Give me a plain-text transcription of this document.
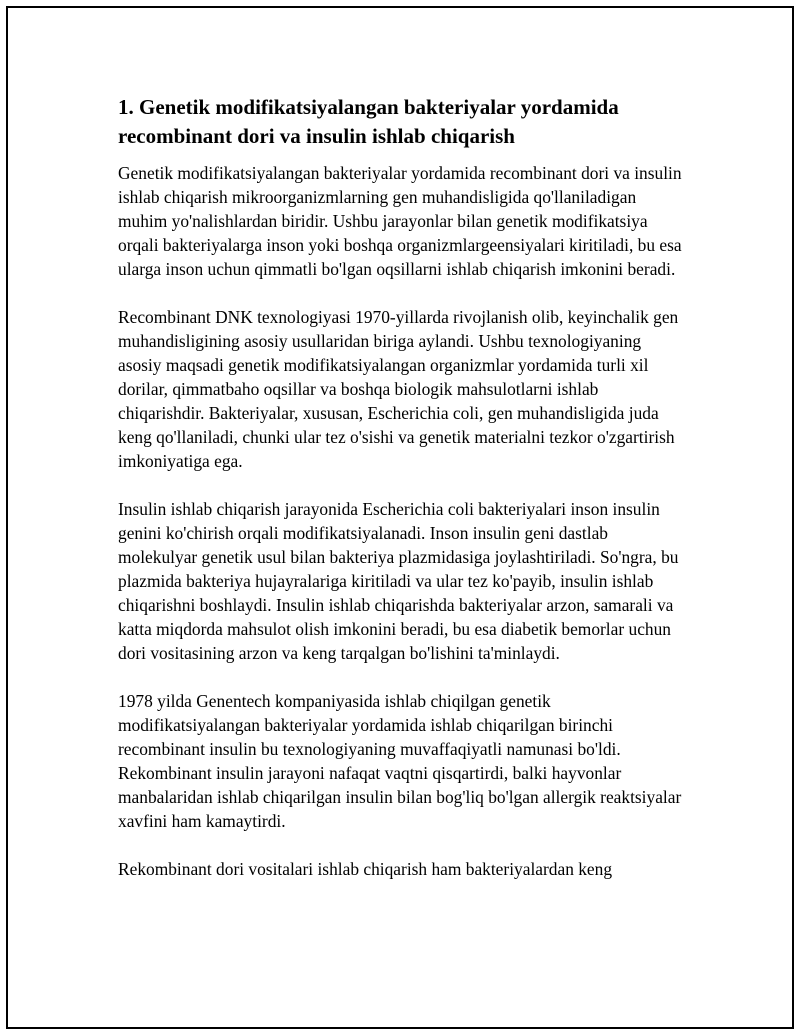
1. Genetik modifikatsiyalangan bakteriyalar yordamida recombinant dori va insulin ishlab chiqarish

Genetik modifikatsiyalangan bakteriyalar yordamida recombinant dori va insulin ishlab chiqarish mikroorganizmlarning gen muhandisligida qo'llaniladigan muhim yo'nalishlardan biridir. Ushbu jarayonlar bilan genetik modifikatsiya orqali bakteriyalarga inson yoki boshqa organizmlargeensiyalari kiritiladi, bu esa ularga inson uchun qimmatli bo'lgan oqsillarni ishlab chiqarish imkonini beradi.

Recombinant DNK texnologiyasi 1970-yillarda rivojlanish olib, keyinchalik gen muhandisligining asosiy usullaridan biriga aylandi. Ushbu texnologiyaning asosiy maqsadi genetik modifikatsiyalangan organizmlar yordamida turli xil dorilar, qimmatbaho oqsillar va boshqa biologik mahsulotlarni ishlab chiqarishdir. Bakteriyalar, xususan, Escherichia coli, gen muhandisligida juda keng qo'llaniladi, chunki ular tez o'sishi va genetik materialni tezkor o'zgartirish imkoniyatiga ega.

Insulin ishlab chiqarish jarayonida Escherichia coli bakteriyalari inson insulin genini ko'chirish orqali modifikatsiyalanadi. Inson insulin geni dastlab molekulyar genetik usul bilan bakteriya plazmidasiga joylashtiriladi. So'ngra, bu plazmida bakteriya hujayralariga kiritiladi va ular tez ko'payib, insulin ishlab chiqarishni boshlaydi. Insulin ishlab chiqarishda bakteriyalar arzon, samarali va katta miqdorda mahsulot olish imkonini beradi, bu esa diabetik bemorlar uchun dori vositasining arzon va keng tarqalgan bo'lishini ta'minlaydi.

1978 yilda Genentech kompaniyasida ishlab chiqilgan genetik modifikatsiyalangan bakteriyalar yordamida ishlab chiqarilgan birinchi recombinant insulin bu texnologiyaning muvaffaqiyatli namunasi bo'ldi. Rekombinant insulin jarayoni nafaqat vaqtni qisqartirdi, balki hayvonlar manbalaridan ishlab chiqarilgan insulin bilan bog'liq bo'lgan allergik reaktsiyalar xavfini ham kamaytirdi.

Rekombinant dori vositalari ishlab chiqarish ham bakteriyalardan keng
